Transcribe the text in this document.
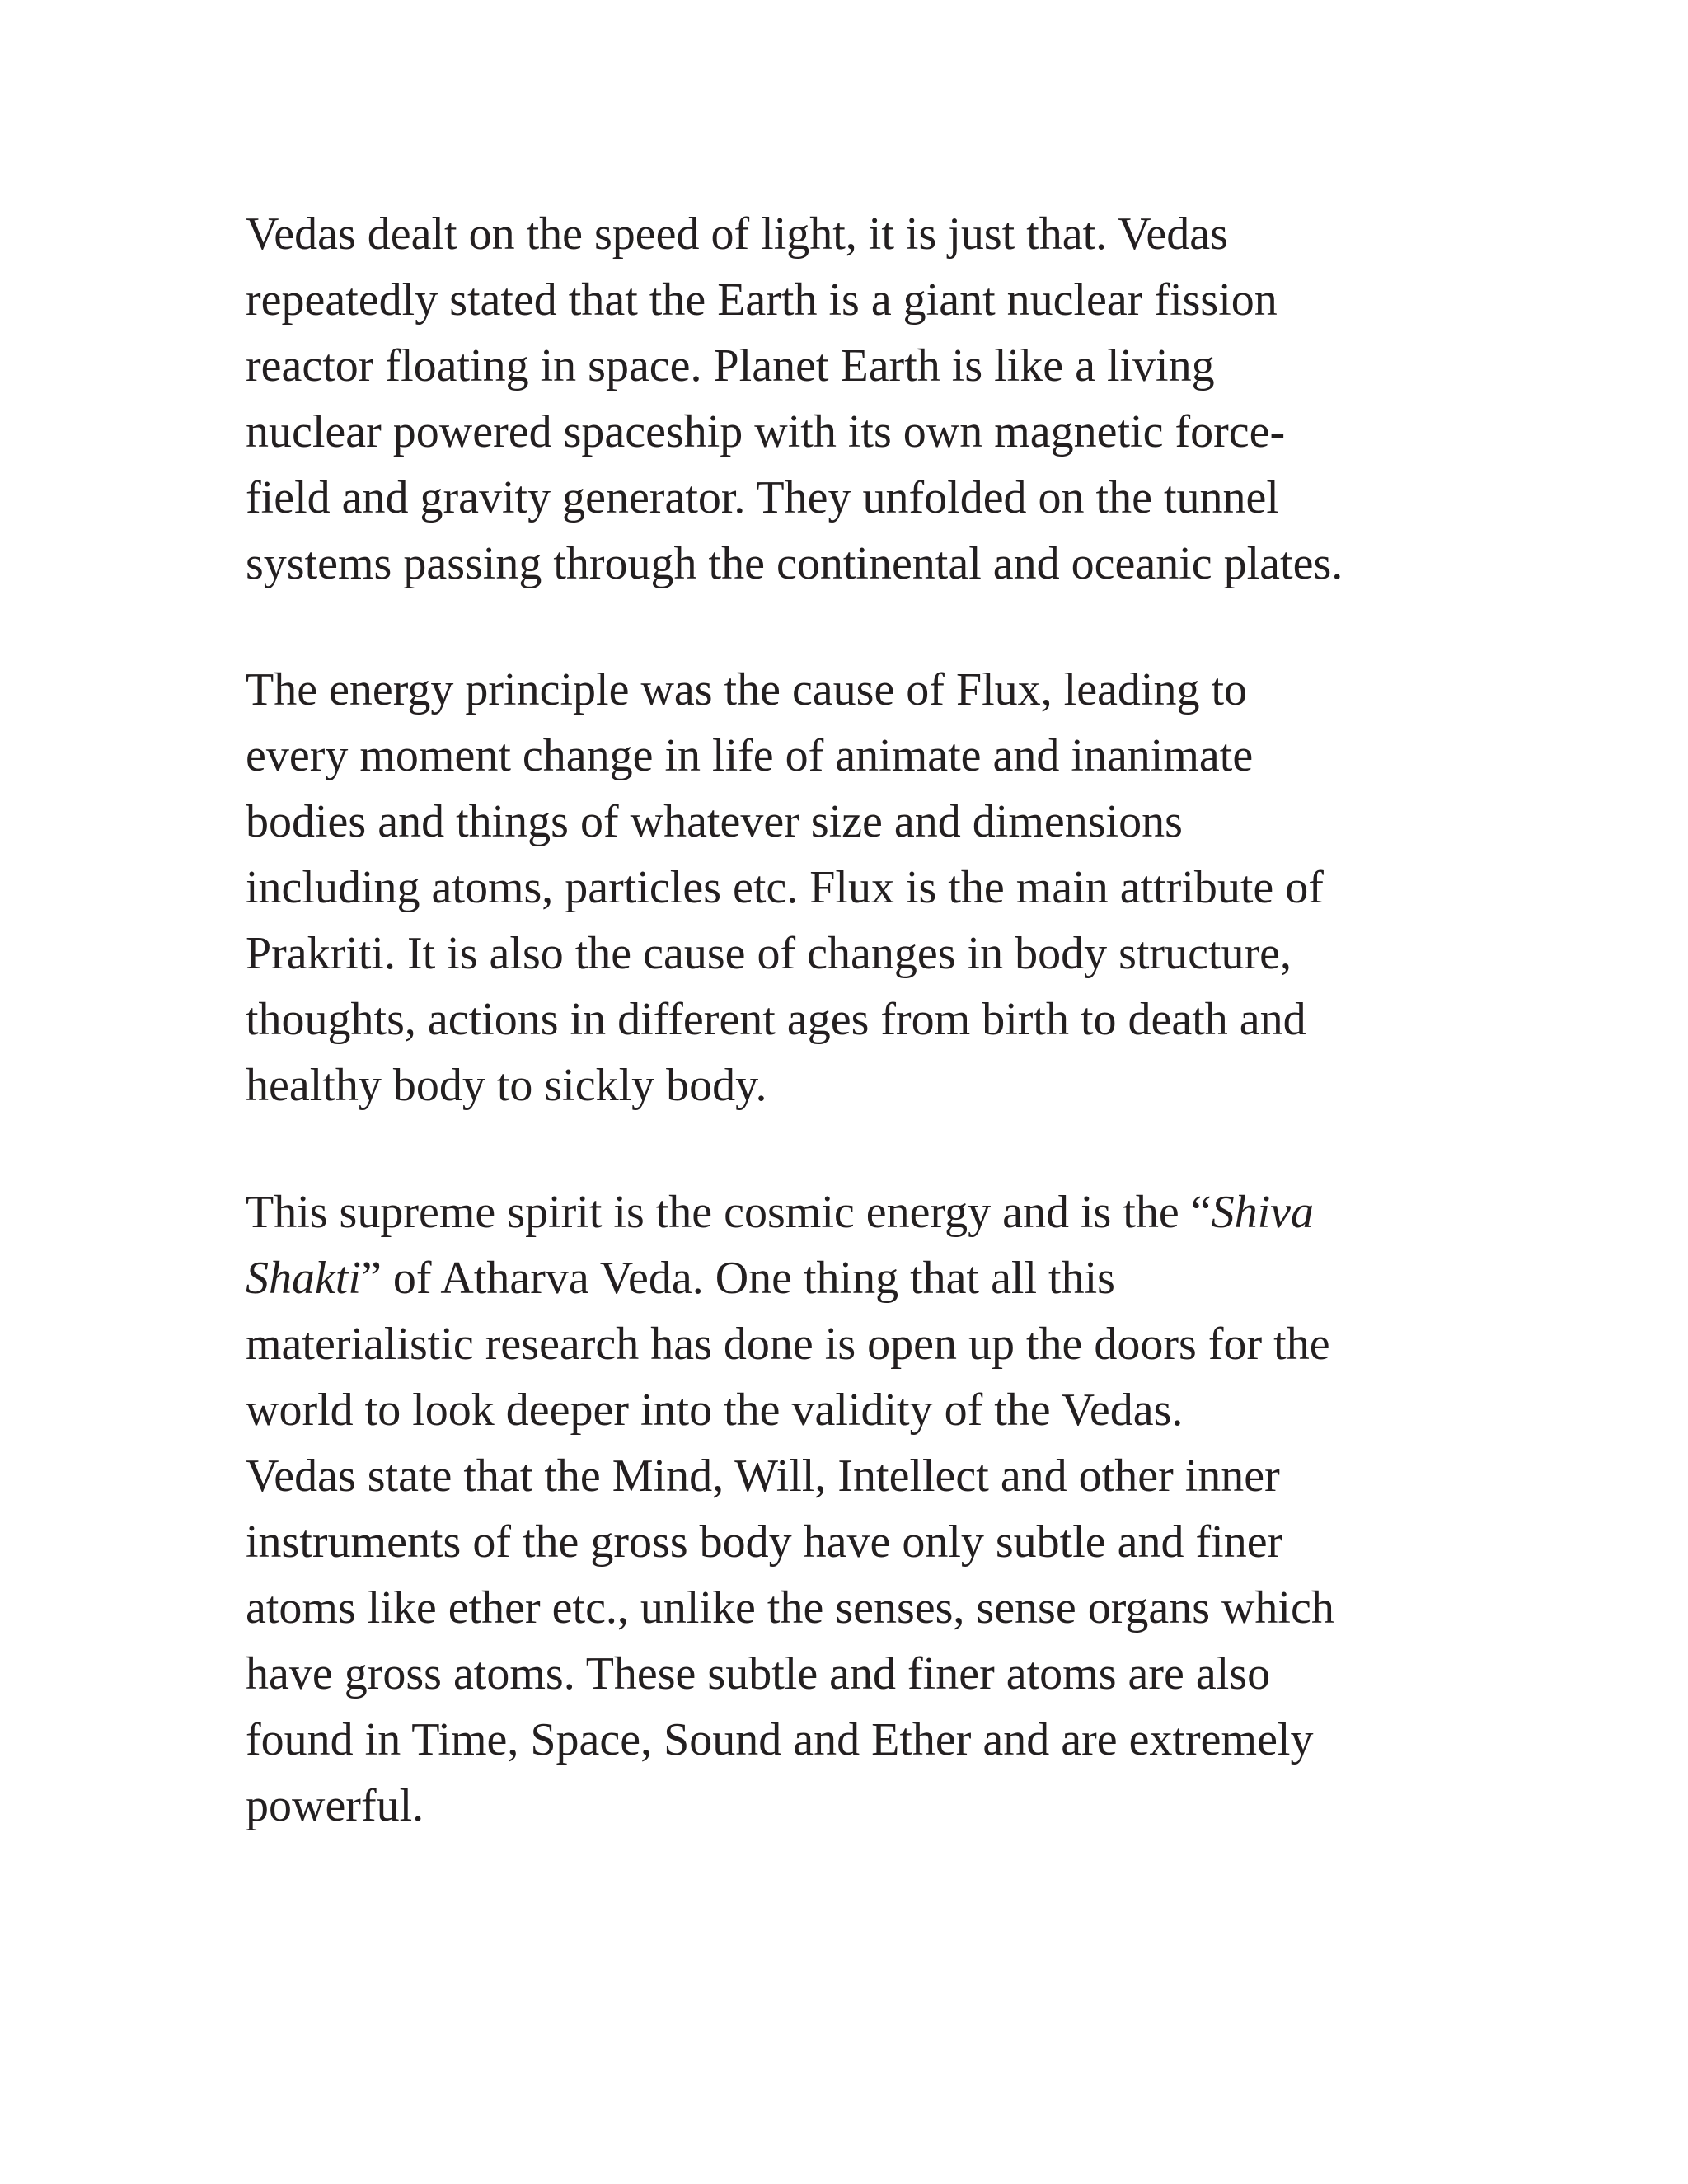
Vedas dealt on the speed of light, it is just that. Vedas
repeatedly stated that the Earth is a giant nuclear fission
reactor floating in space. Planet Earth is like a living
nuclear powered spaceship with its own magnetic force-
field and gravity generator. They unfolded on the tunnel
systems passing through the continental and oceanic plates.
The energy principle was the cause of Flux, leading to
every moment change in life of animate and inanimate
bodies and things of whatever size and dimensions
including atoms, particles etc. Flux is the main attribute of
Prakriti. It is also the cause of changes in body structure,
thoughts, actions in different ages from birth to death and
healthy body to sickly body.
This supreme spirit is the cosmic energy and is the “Shiva
Shakti” of Atharva Veda. One thing that all this
materialistic research has done is open up the doors for the
world to look deeper into the validity of the Vedas.
Vedas state that the Mind, Will, Intellect and other inner
instruments of the gross body have only subtle and finer
atoms like ether etc., unlike the senses, sense organs which
have gross atoms. These subtle and finer atoms are also
found in Time, Space, Sound and Ether and are extremely
powerful.
